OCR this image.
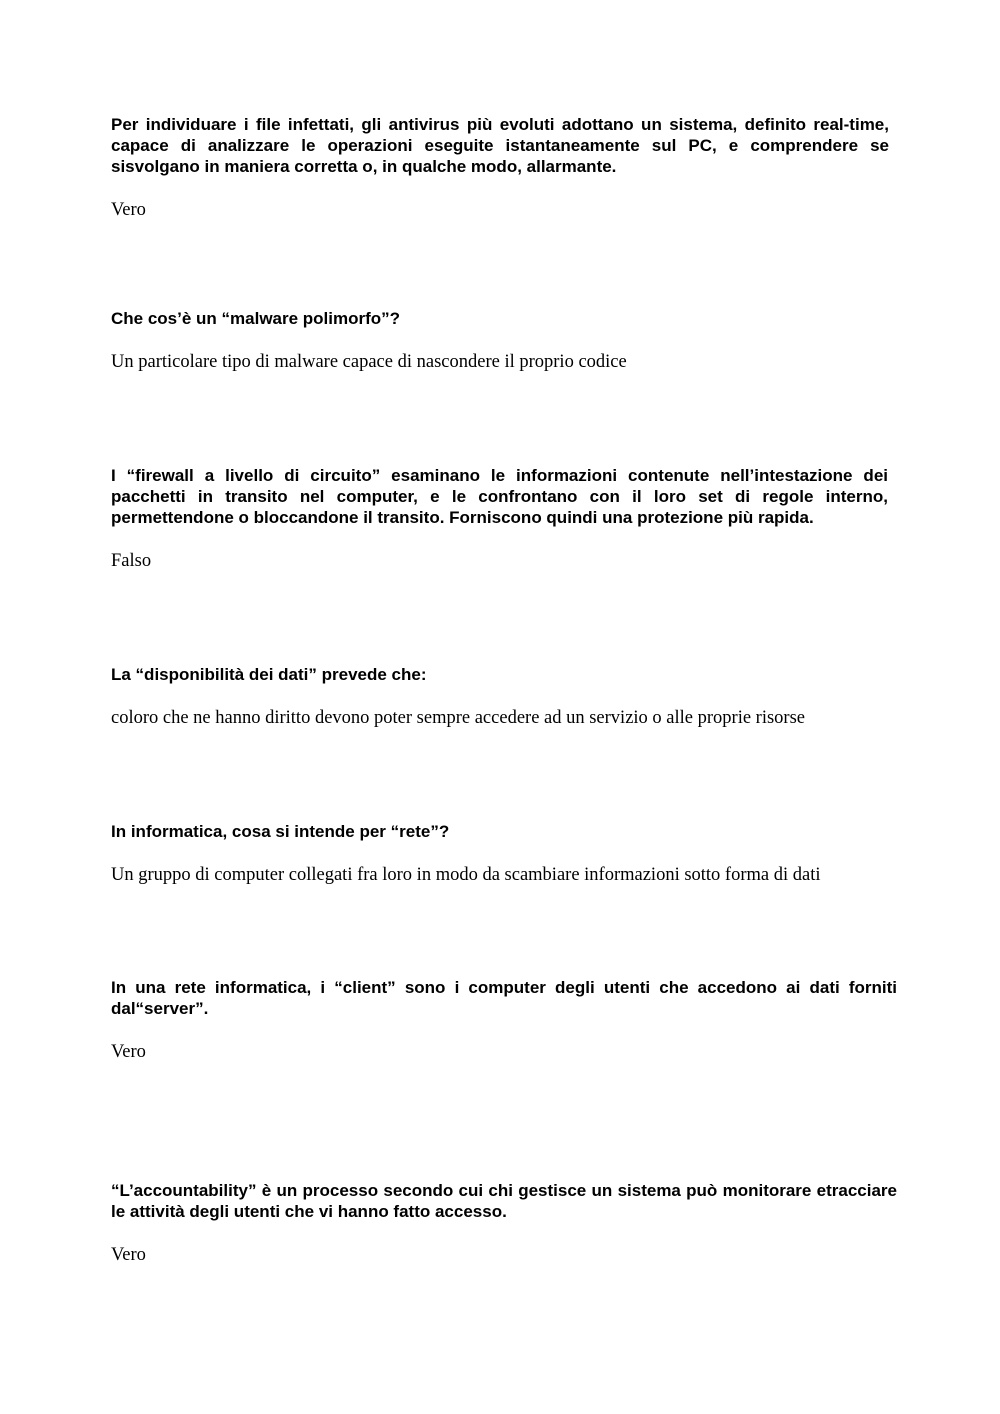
Per individuare i file infettati, gli antivirus più evoluti adottano un sistema, definito real-time, capace di analizzare le operazioni eseguite istantaneamente sul PC, e comprendere se sisvolgano in maniera corretta o, in qualche modo, allarmante.

Vero

Che cos’è un “malware polimorfo”?

Un particolare tipo di malware capace di nascondere il proprio codice

I “firewall a livello di circuito” esaminano le informazioni contenute nell’intestazione dei pacchetti in transito nel computer, e le confrontano con il loro set di regole interno, permettendone o bloccandone il transito. Forniscono quindi una protezione più rapida.

Falso

La “disponibilità dei dati” prevede che:

coloro che ne hanno diritto devono poter sempre accedere ad un servizio o alle proprie risorse

In informatica, cosa si intende per “rete”?

Un gruppo di computer collegati fra loro in modo da scambiare informazioni sotto forma di dati

In una rete informatica, i “client” sono i computer degli utenti che accedono ai dati forniti dal“server”.

Vero

“L’accountability” è un processo secondo cui chi gestisce un sistema può monitorare etracciare le attività degli utenti che vi hanno fatto accesso.

Vero
